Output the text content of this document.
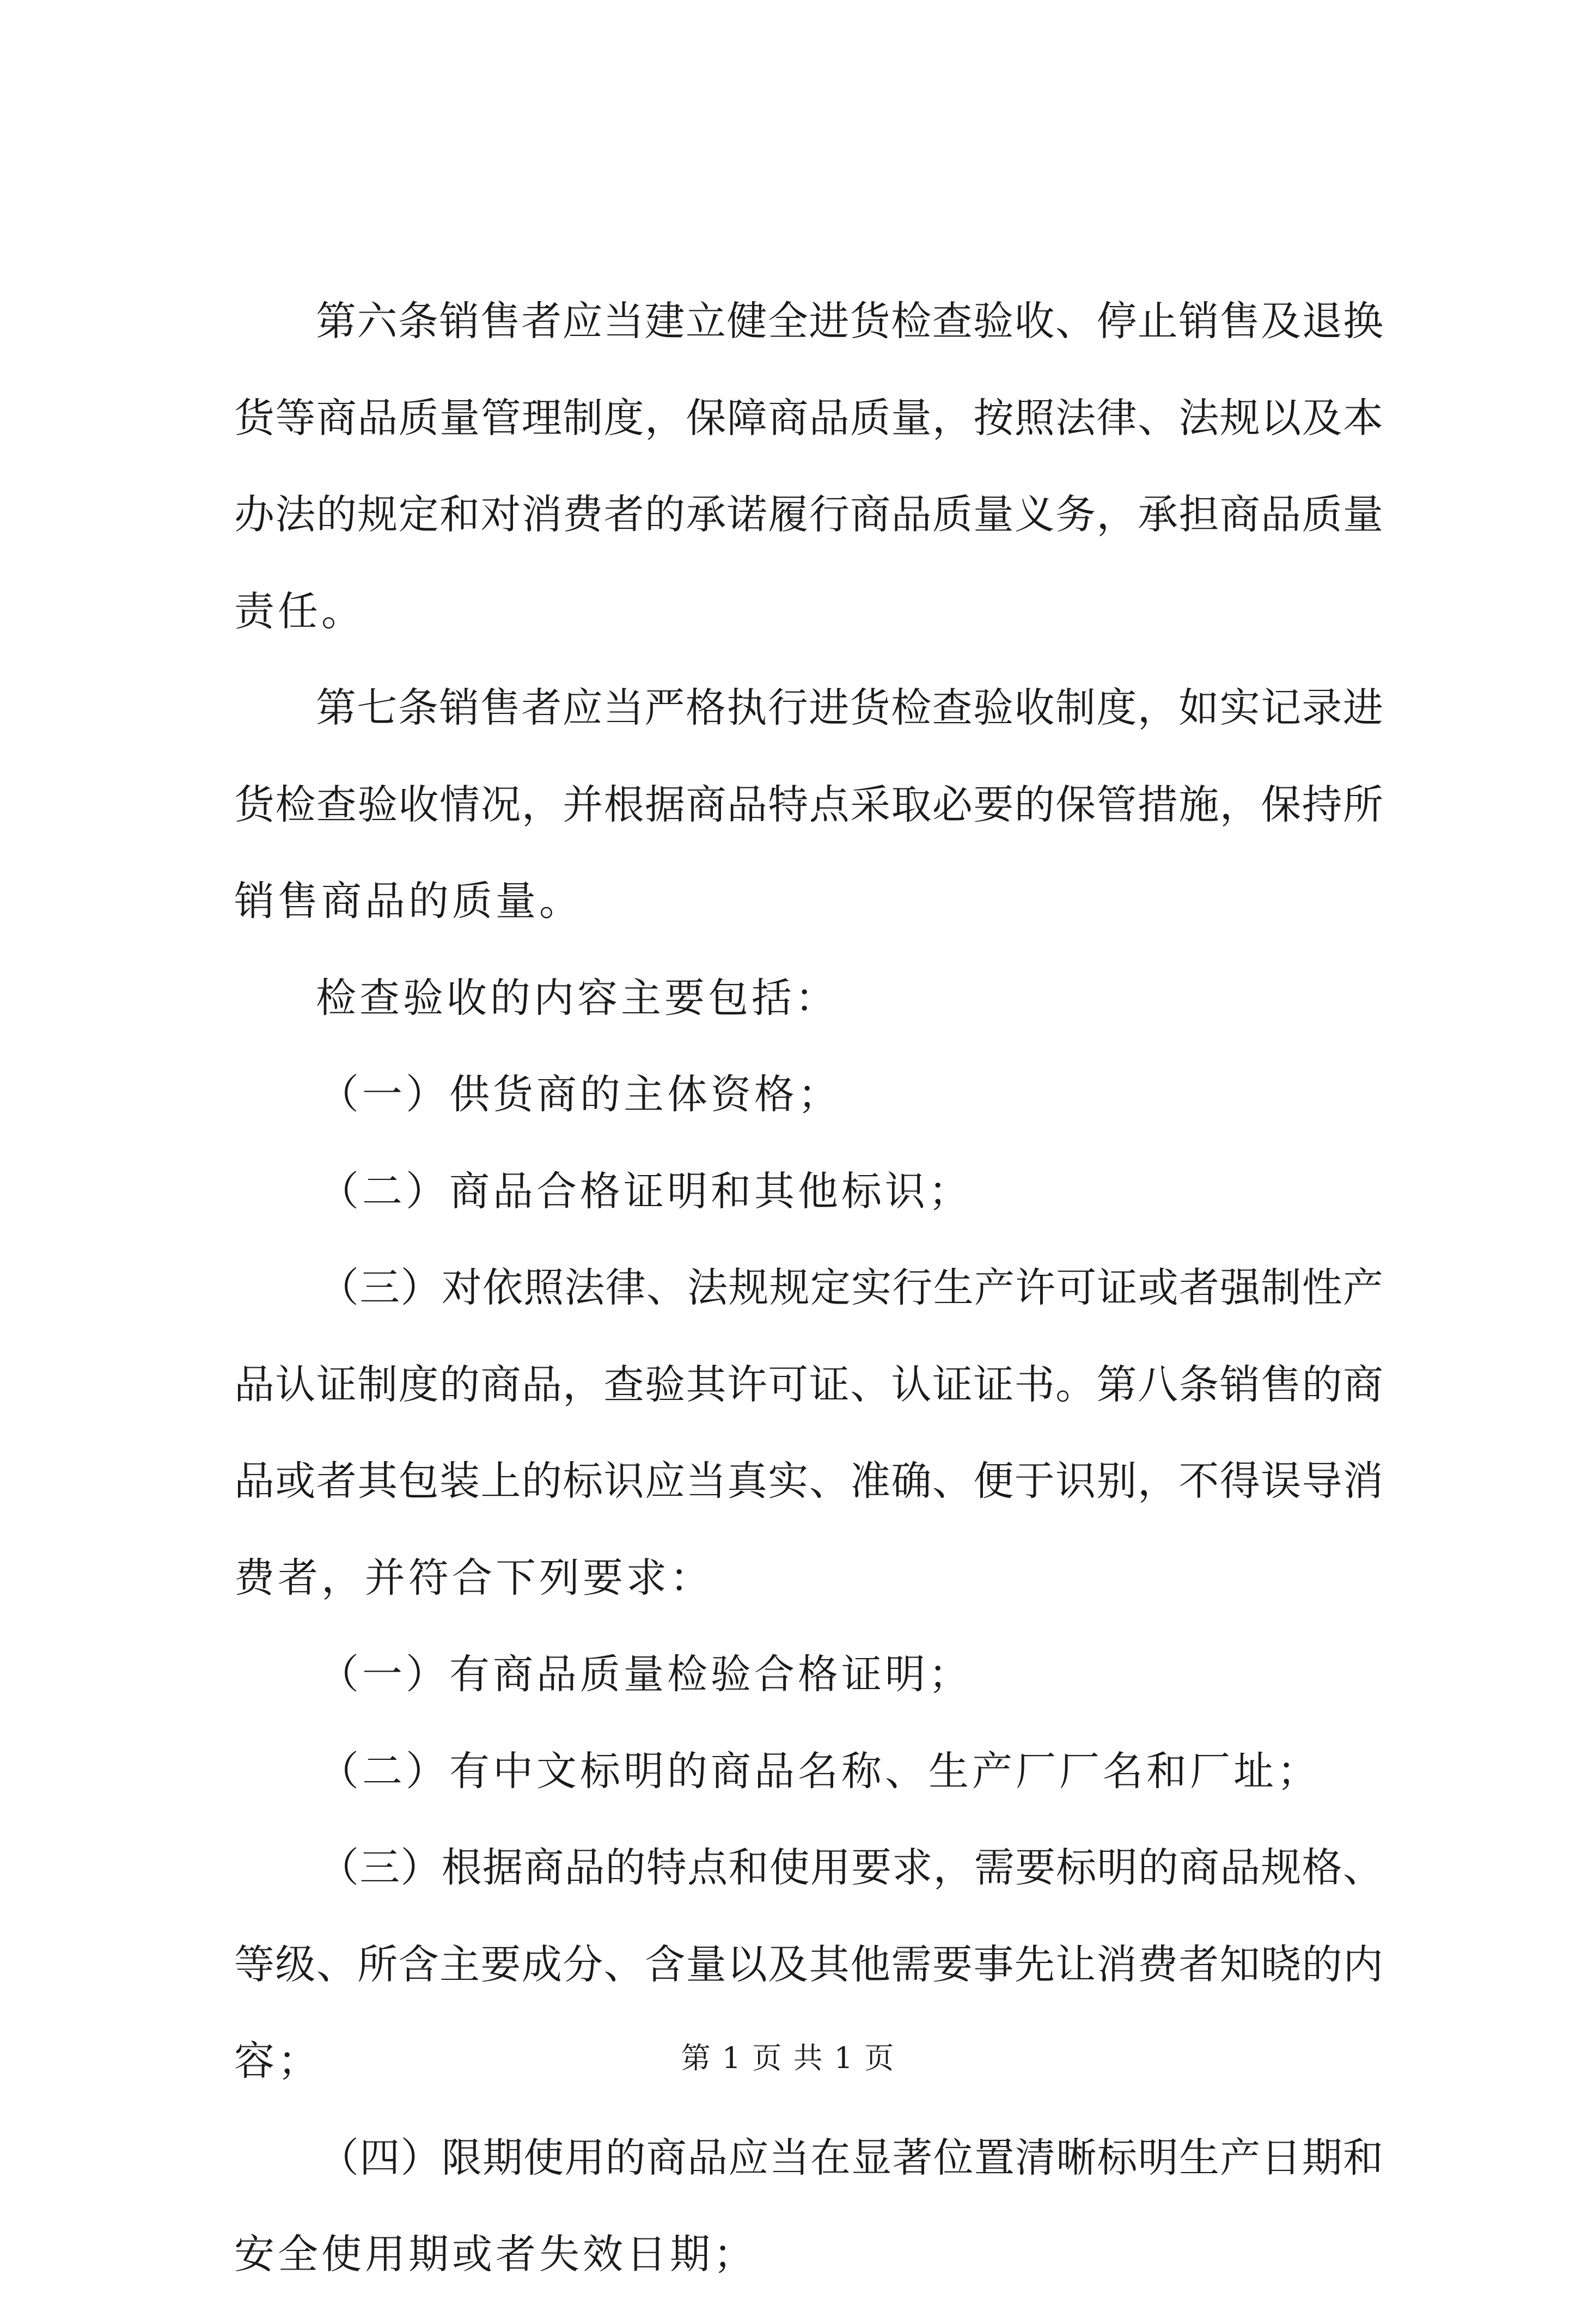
第六条销售者应当建立健全进货检查验收、停止销售及退换
货等商品质量管理制度，保障商品质量，按照法律、法规以及本
办法的规定和对消费者的承诺履行商品质量义务，承担商品质量
责任。
第七条销售者应当严格执行进货检查验收制度，如实记录进
货检查验收情况，并根据商品特点采取必要的保管措施，保持所
销售商品的质量。
检查验收的内容主要包括：
（一）供货商的主体资格；
（二）商品合格证明和其他标识；
（三）对依照法律、法规规定实行生产许可证或者强制性产
品认证制度的商品，查验其许可证、认证证书。第八条销售的商
品或者其包装上的标识应当真实、准确、便于识别，不得误导消
费者，并符合下列要求：
（一）有商品质量检验合格证明；
（二）有中文标明的商品名称、生产厂厂名和厂址；
（三）根据商品的特点和使用要求，需要标明的商品规格、
等级、所含主要成分、含量以及其他需要事先让消费者知晓的内
容；
（四）限期使用的商品应当在显著位置清晰标明生产日期和
安全使用期或者失效日期；
第 1 页 共 1 页
